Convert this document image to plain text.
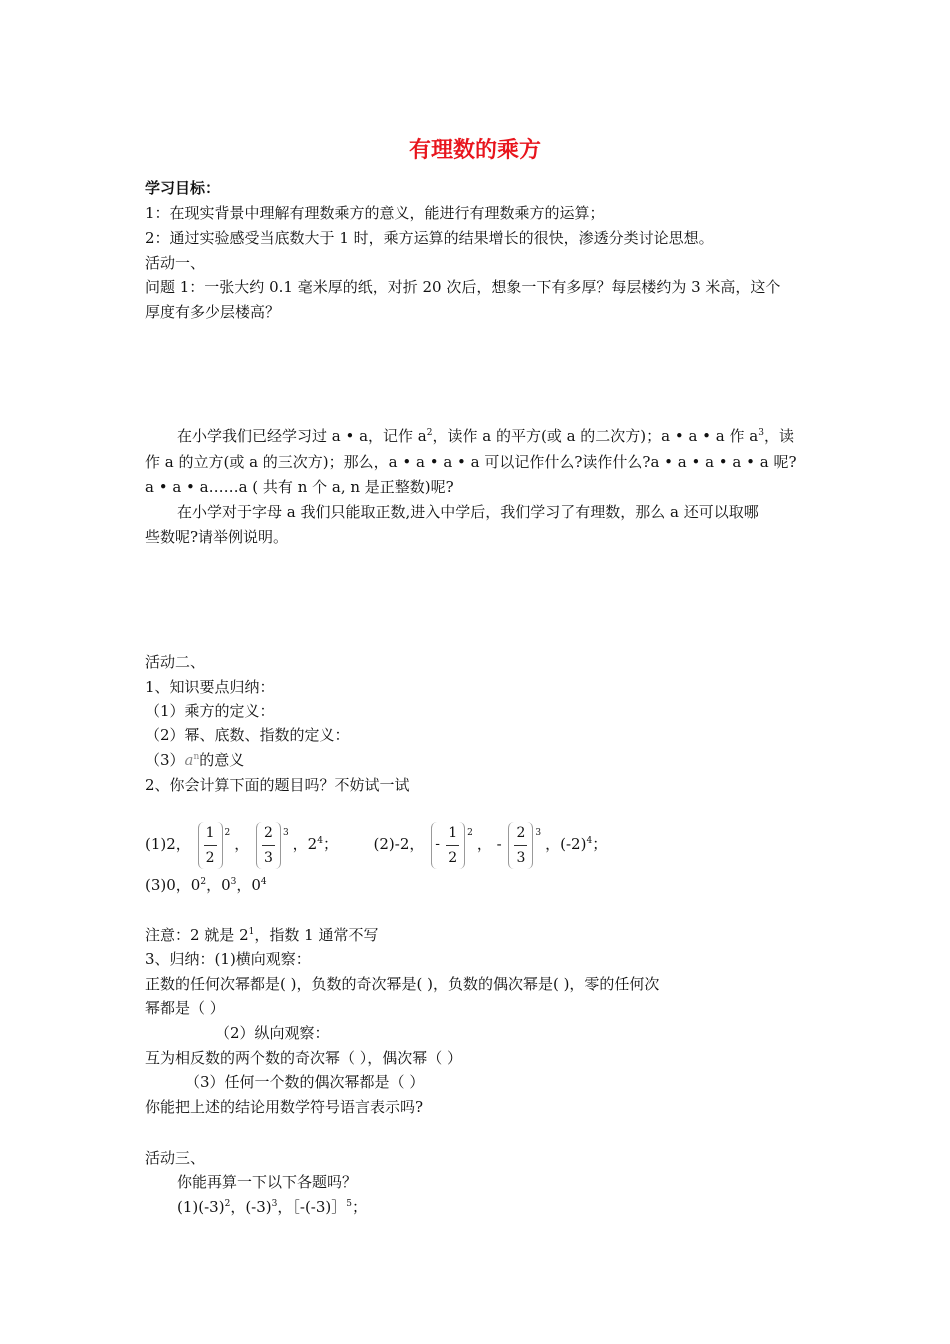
有理数的乘方
学习目标：
1：在现实背景中理解有理数乘方的意义，能进行有理数乘方的运算；
2：通过实验感受当底数大于 1 时，乘方运算的结果增长的很快，渗透分类讨论思想。
活动一、
问题 1：一张大约 0.1 毫米厚的纸，对折 20 次后，想象一下有多厚？每层楼约为 3 米高，这个
厚度有多少层楼高？
在小学我们已经学习过 a • a，记作 $a^2$，读作 a 的平方(或 a 的二次方)；a • a • a 作 $a^3$，读
作 a 的立方(或 a 的三次方)；那么，a • a • a • a 可以记作什么?读作什么?a • a • a • a • a 呢?
a • a • a……a ( 共有 n 个 a, n 是正整数)呢?
在小学对于字母 a 我们只能取正数,进入中学后，我们学习了有理数，那么 a 还可以取哪
些数呢?请举例说明。
活动二、
1、知识要点归纳：
（1）乘方的定义：
（2）幂、底数、指数的定义：
$(3)a^n$的意义
2、你会计算下面的题目吗？不妨试一试
(1)2， $\frac{1}{2} ^2$， $\frac{2}{3} ^3$，$2^4$； (2)-2， -
1
2
$^2$， - $\frac{2}{3} ^3$，$(-2)^4$；
(3)0，$0^2$，$0^3$，$0^4$
注意：2 就是 $2^1$，指数 1 通常不写
3、归纳：(1)横向观察：
正数的任何次幂都是( )，负数的奇次幂是( )，负数的偶次幂是( )，零的任何次
幂都是（ ）
（2）纵向观察：
互为相反数的两个数的奇次幂（ ），偶次幂（ ）
（3）任何一个数的偶次幂都是（ ）
你能把上述的结论用数学符号语言表示吗?
活动三、
你能再算一下以下各题吗？
$(1)(-3)^2$，$(-3)^3$，［-(-3)］$^5$；
